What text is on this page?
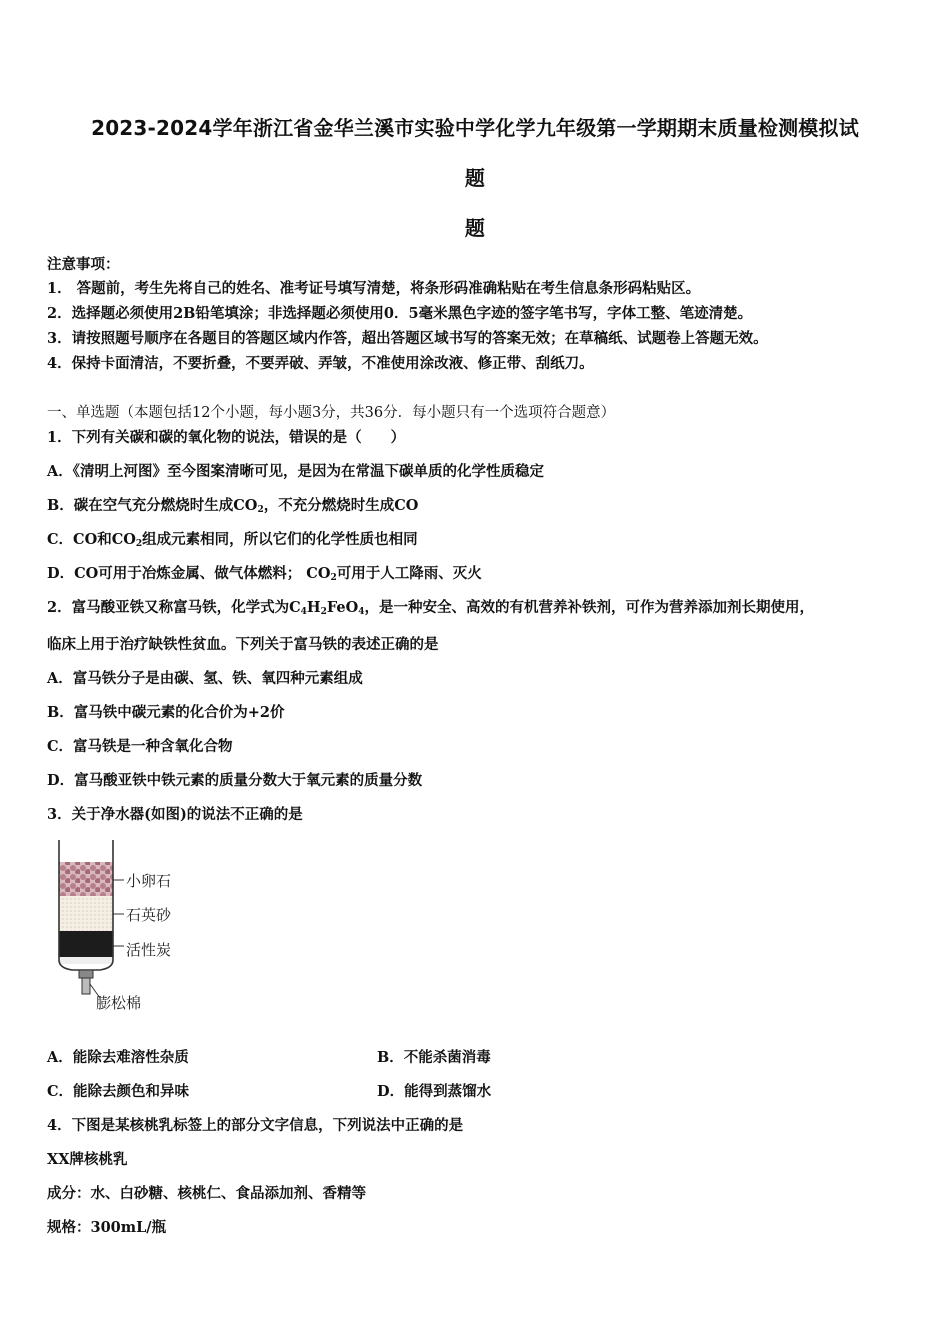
2023-2024学年浙江省金华兰溪市实验中学化学九年级第一学期期末质量检测模拟试
题
题
注意事项：
1． 答题前，考生先将自己的姓名、准考证号填写清楚，将条形码准确粘贴在考生信息条形码粘贴区。
2．选择题必须使用2B铅笔填涂；非选择题必须使用0．5毫米黑色字迹的签字笔书写，字体工整、笔迹清楚。
3．请按照题号顺序在各题目的答题区域内作答，超出答题区域书写的答案无效；在草稿纸、试题卷上答题无效。
4．保持卡面清洁，不要折叠，不要弄破、弄皱，不准使用涂改液、修正带、刮纸刀。
一、单选题（本题包括12个小题，每小题3分，共36分．每小题只有一个选项符合题意）
1．下列有关碳和碳的氧化物的说法，错误的是（　　）
A．《清明上河图》至今图案清晰可见，是因为在常温下碳单质的化学性质稳定
B．碳在空气充分燃烧时生成$CO_2$，不充分燃烧时生成CO
C．CO和$CO_2$组成元素相同，所以它们的化学性质也相同
D．CO可用于冶炼金属、做气体燃料； $CO_2$可用于人工降雨、灭火
2．富马酸亚铁又称富马铁，化学式为$C_4H_2FeO_4$，是一种安全、高效的有机营养补铁剂，可作为营养添加剂长期使用，
临床上用于治疗缺铁性贫血。下列关于富马铁的表述正确的是
A．富马铁分子是由碳、氢、铁、氧四种元素组成
B．富马铁中碳元素的化合价为+2价
C．富马铁是一种含氧化合物
D．富马酸亚铁中铁元素的质量分数大于氧元素的质量分数
3．关于净水器(如图)的说法不正确的是
小卵石
石英砂
活性炭
膨松棉
A．能除去难溶性杂质	B．不能杀菌消毒
C．能除去颜色和异味	D．能得到蒸馏水
4．下图是某核桃乳标签上的部分文字信息，下列说法中正确的是
XX牌核桃乳
成分：水、白砂糖、核桃仁、食品添加剂、香精等
规格：300mL/瓶
